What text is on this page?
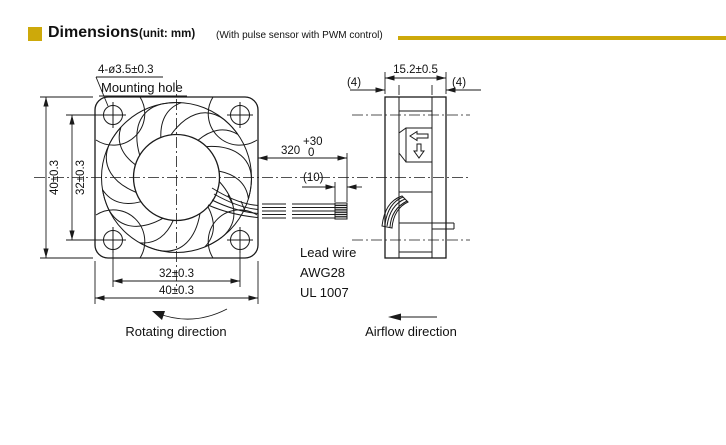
Dimensions (unit: mm) (With pulse sensor with PWM control)
4-ø3.5±0.3
Mounting hole
40±0.3 32±0.3
32±0.3
40±0.3
Rotating direction
320
+30
0
(10)
Lead wire
AWG28
UL 1007
15.2±0.5
(4)	(4)
Airflow direction
